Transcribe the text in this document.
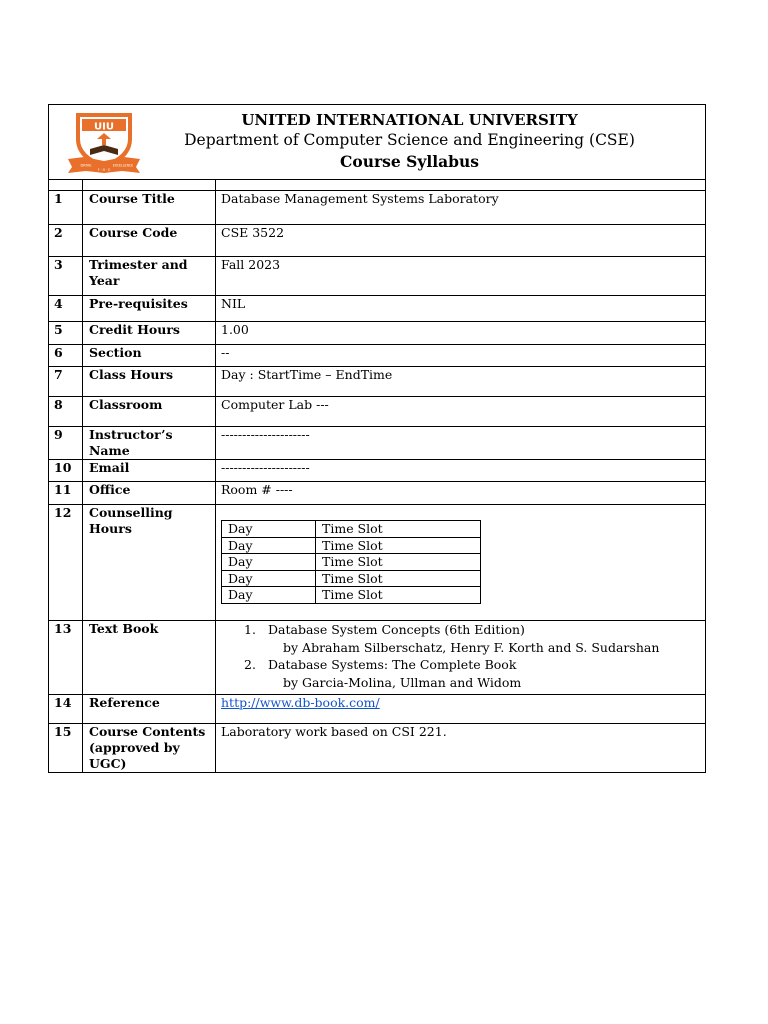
UIU
DRIVE	EXCELLENCE
F · O · E
UNITED INTERNATIONAL UNIVERSITY
Department of Computer Science and Engineering (CSE)
Course Syllabus

1	Course Title	Database Management Systems Laboratory
2	Course Code	CSE 3522
3	Trimester and Year	Fall 2023
4	Pre-requisites	NIL
5	Credit Hours	1.00
6	Section	--
7	Class Hours	Day : StartTime – EndTime
8	Classroom	Computer Lab ---
9	Instructor’s Name	---------------------
10	Email	---------------------
11	Office	Room # ----
12	Counselling Hours		Day	Time Slot
Day	Time Slot
Day	Time Slot
Day	Time Slot
Day	Time Slot

13	Text Book	1. Database System Concepts (6th Edition)
by Abraham Silberschatz, Henry F. Korth and S. Sudarshan
2. Database Systems: The Complete Book
by Garcia-Molina, Ullman and Widom

14	Reference	http://www.db-book.com/
15	Course Contents
(approved by UGC)	Laboratory work based on CSI 221.
